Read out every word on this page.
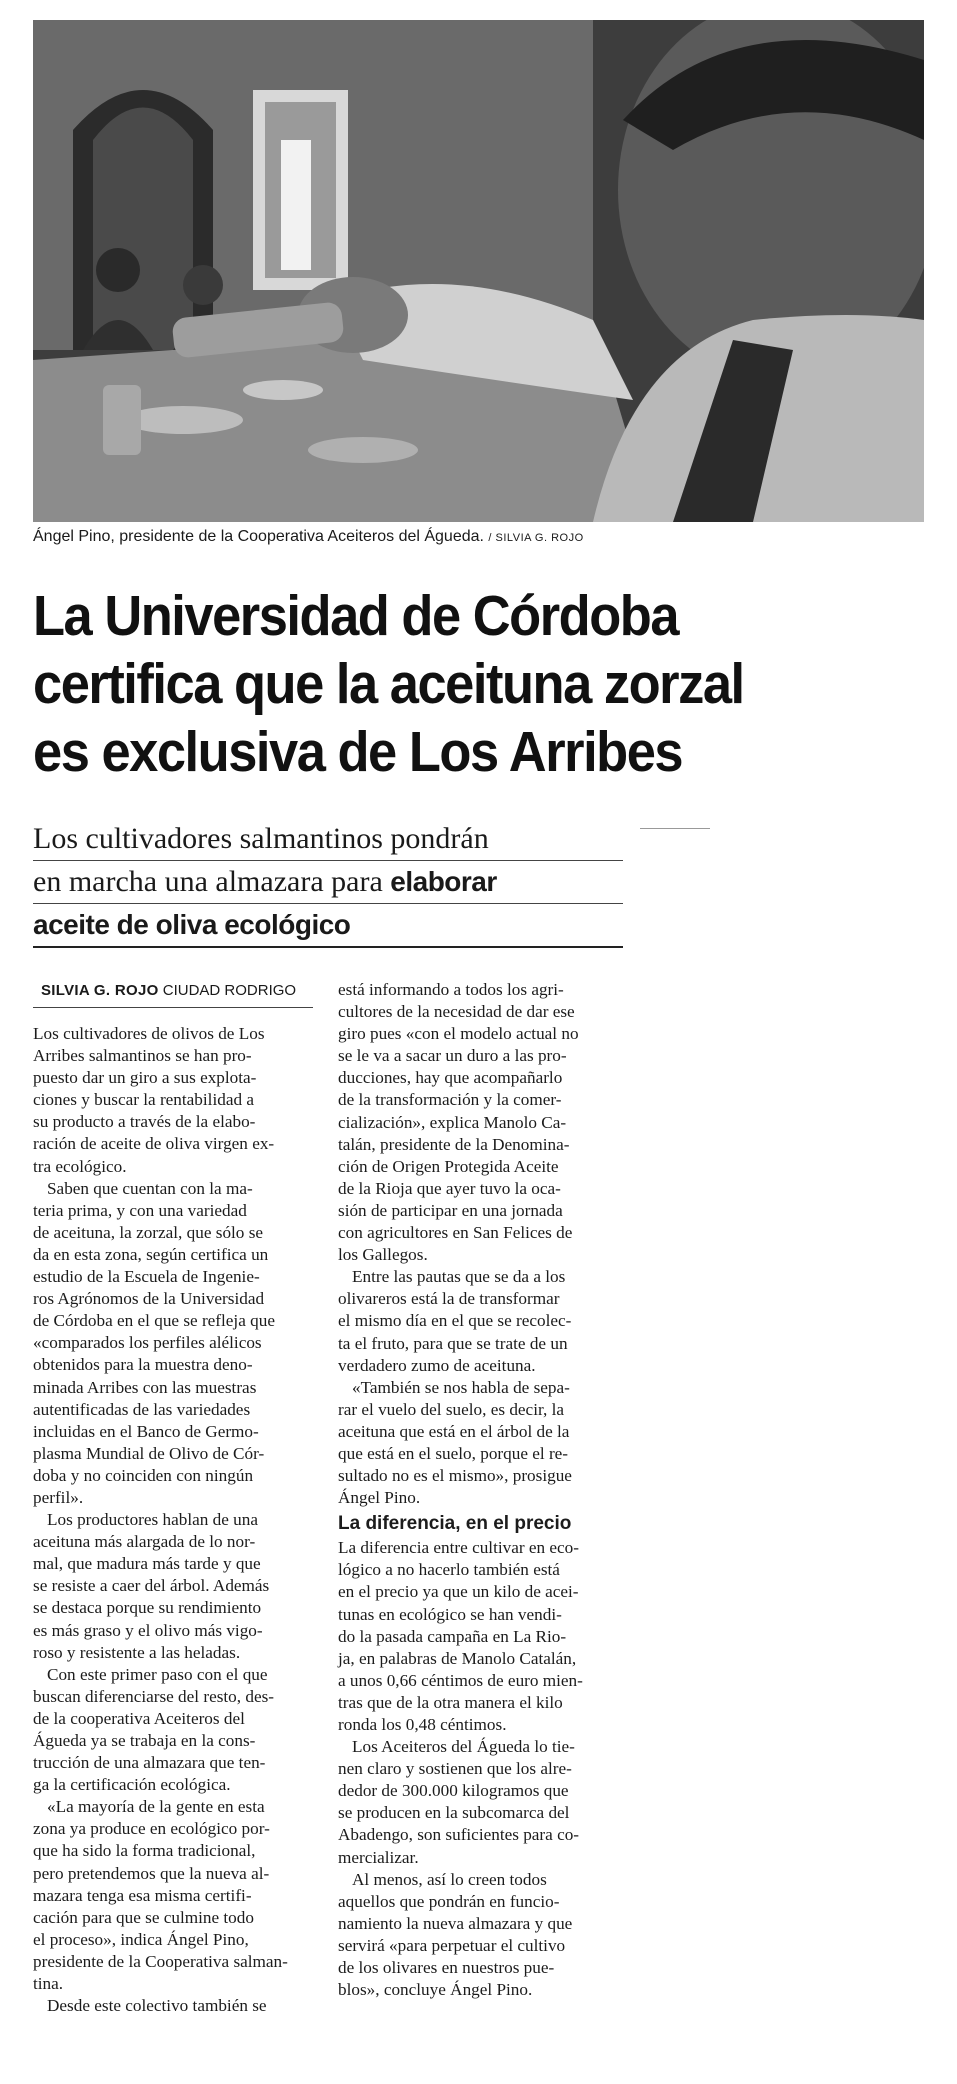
Ángel Pino, presidente de la Cooperativa Aceiteros del Águeda. / SILVIA G. ROJO
La Universidad de Córdoba
certifica que la aceituna zorzal
es exclusiva de Los Arribes
Los cultivadores salmantinos pondrán
en marcha una almazara para elaborar
aceite de oliva ecológico
SILVIA G. ROJO CIUDAD RODRIGO
Los cultivadores de olivos de Los
Arribes salmantinos se han pro-
puesto dar un giro a sus explota-
ciones y buscar la rentabilidad a
su producto a través de la elabo-
ración de aceite de oliva virgen ex-
tra ecológico.
Saben que cuentan con la ma-
teria prima, y con una variedad
de aceituna, la zorzal, que sólo se
da en esta zona, según certifica un
estudio de la Escuela de Ingenie-
ros Agrónomos de la Universidad
de Córdoba en el que se refleja que
«comparados los perfiles alélicos
obtenidos para la muestra deno-
minada Arribes con las muestras
autentificadas de las variedades
incluidas en el Banco de Germo-
plasma Mundial de Olivo de Cór-
doba y no coinciden con ningún
perfil».
Los productores hablan de una
aceituna más alargada de lo nor-
mal, que madura más tarde y que
se resiste a caer del árbol. Además
se destaca porque su rendimiento
es más graso y el olivo más vigo-
roso y resistente a las heladas.
Con este primer paso con el que
buscan diferenciarse del resto, des-
de la cooperativa Aceiteros del
Águeda ya se trabaja en la cons-
trucción de una almazara que ten-
ga la certificación ecológica.
«La mayoría de la gente en esta
zona ya produce en ecológico por-
que ha sido la forma tradicional,
pero pretendemos que la nueva al-
mazara tenga esa misma certifi-
cación para que se culmine todo
el proceso», indica Ángel Pino,
presidente de la Cooperativa salman-
tina.
Desde este colectivo también se
está informando a todos los agri-
cultores de la necesidad de dar ese
giro pues «con el modelo actual no
se le va a sacar un duro a las pro-
ducciones, hay que acompañarlo
de la transformación y la comer-
cialización», explica Manolo Ca-
talán, presidente de la Denomina-
ción de Origen Protegida Aceite
de la Rioja que ayer tuvo la oca-
sión de participar en una jornada
con agricultores en San Felices de
los Gallegos.
Entre las pautas que se da a los
olivareros está la de transformar
el mismo día en el que se recolec-
ta el fruto, para que se trate de un
verdadero zumo de aceituna.
«También se nos habla de sepa-
rar el vuelo del suelo, es decir, la
aceituna que está en el árbol de la
que está en el suelo, porque el re-
sultado no es el mismo», prosigue
Ángel Pino.
La diferencia, en el precio
La diferencia entre cultivar en eco-
lógico a no hacerlo también está
en el precio ya que un kilo de acei-
tunas en ecológico se han vendi-
do la pasada campaña en La Rio-
ja, en palabras de Manolo Catalán,
a unos 0,66 céntimos de euro mien-
tras que de la otra manera el kilo
ronda los 0,48 céntimos.
Los Aceiteros del Águeda lo tie-
nen claro y sostienen que los alre-
dedor de 300.000 kilogramos que
se producen en la subcomarca del
Abadengo, son suficientes para co-
mercializar.
Al menos, así lo creen todos
aquellos que pondrán en funcio-
namiento la nueva almazara y que
servirá «para perpetuar el cultivo
de los olivares en nuestros pue-
blos», concluye Ángel Pino.
